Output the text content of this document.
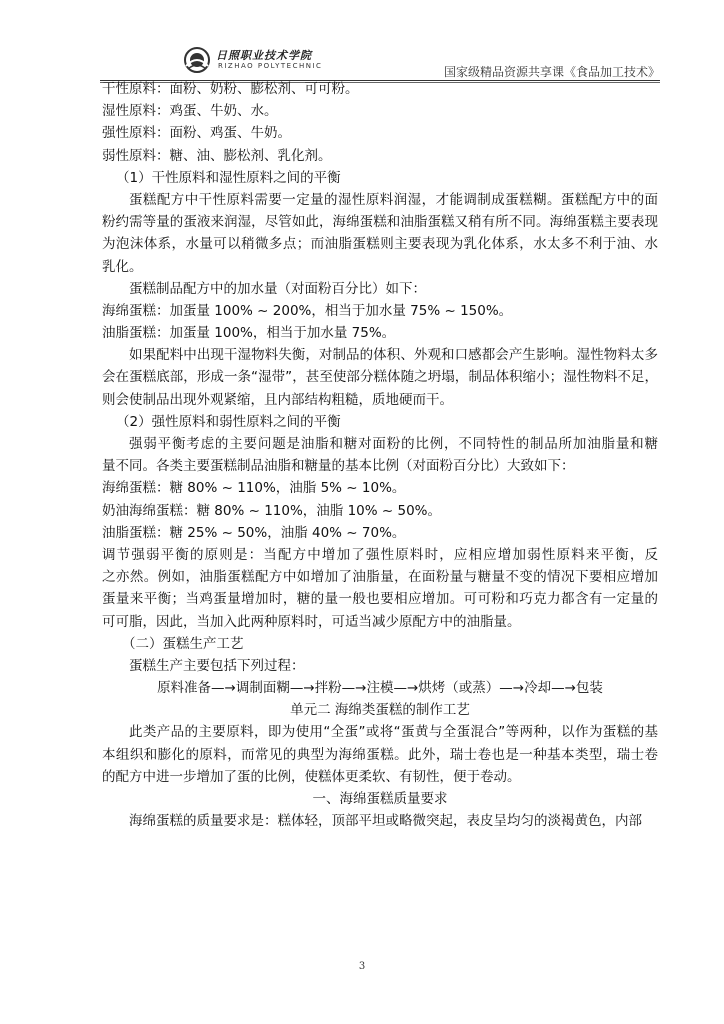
日照职业技术学院
RIZHAO POLYTECHNIC	国家级精品资源共享课《食品加工技术》
干性原料：面粉、奶粉、膨松剂、可可粉。
湿性原料：鸡蛋、牛奶、水。
强性原料：面粉、鸡蛋、牛奶。
弱性原料：糖、油、膨松剂、乳化剂。
（1）干性原料和湿性原料之间的平衡
蛋糕配方中干性原料需要一定量的湿性原料润湿，才能调制成蛋糕糊。蛋糕配方中的面
粉约需等量的蛋液来润湿，尽管如此，海绵蛋糕和油脂蛋糕又稍有所不同。海绵蛋糕主要表现
为泡沫体系，水量可以稍微多点；而油脂蛋糕则主要表现为乳化体系，水太多不利于油、水
乳化。
蛋糕制品配方中的加水量（对面粉百分比）如下：
海绵蛋糕：加蛋量 100% ~ 200%，相当于加水量 75% ~ 150%。
油脂蛋糕：加蛋量 100%，相当于加水量 75%。
如果配料中出现干湿物料失衡，对制品的体积、外观和口感都会产生影响。湿性物料太多
会在蛋糕底部，形成一条“湿带”，甚至使部分糕体随之坍塌，制品体积缩小；湿性物料不足，
则会使制品出现外观紧缩，且内部结构粗糙，质地硬而干。
（2）强性原料和弱性原料之间的平衡
强弱平衡考虑的主要问题是油脂和糖对面粉的比例，不同特性的制品所加油脂量和糖
量不同。各类主要蛋糕制品油脂和糖量的基本比例（对面粉百分比）大致如下：
海绵蛋糕：糖 80% ~ 110%，油脂 5% ~ 10%。
奶油海绵蛋糕：糖 80% ~ 110%，油脂 10% ~ 50%。
油脂蛋糕：糖 25% ~ 50%，油脂 40% ~ 70%。
调节强弱平衡的原则是：当配方中增加了强性原料时，应相应增加弱性原料来平衡，反
之亦然。例如，油脂蛋糕配方中如增加了油脂量，在面粉量与糖量不变的情况下要相应增加
蛋量来平衡；当鸡蛋量增加时，糖的量一般也要相应增加。可可粉和巧克力都含有一定量的
可可脂，因此，当加入此两种原料时，可适当减少原配方中的油脂量。
（二）蛋糕生产工艺
蛋糕生产主要包括下列过程：
原料准备—→调制面糊—→拌粉—→注模—→烘烤（或蒸）—→冷却—→包装
单元二 海绵类蛋糕的制作工艺
此类产品的主要原料，即为使用“全蛋”或将“蛋黄与全蛋混合”等两种，以作为蛋糕的基
本组织和膨化的原料，而常见的典型为海绵蛋糕。此外，瑞士卷也是一种基本类型，瑞士卷
的配方中进一步增加了蛋的比例，使糕体更柔软、有韧性，便于卷动。
一、海绵蛋糕质量要求
海绵蛋糕的质量要求是：糕体轻，顶部平坦或略微突起，表皮呈均匀的淡褐黄色，内部
3
